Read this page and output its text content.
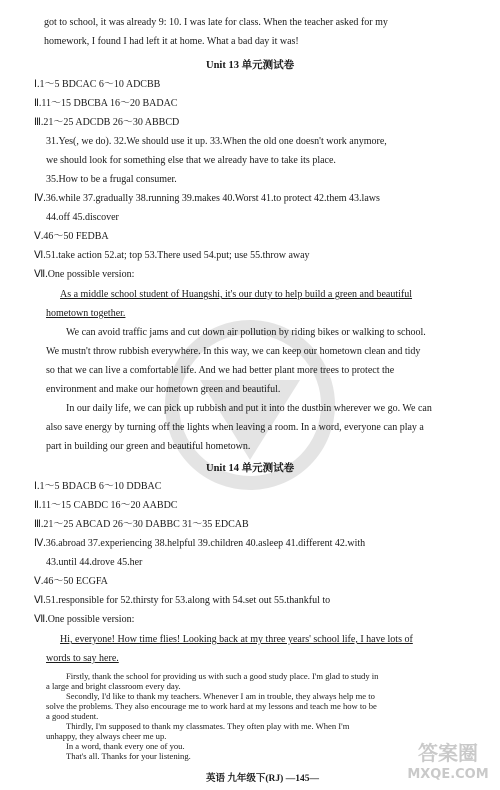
got to school, it was already 9: 10. I was late for class. When the teacher asked for my
homework, I found I had left it at home. What a bad day it was!
Unit 13 单元测试卷
Ⅰ.1～5 BDCAC 6～10 ADCBB
Ⅱ.11～15 DBCBA 16～20 BADAC
Ⅲ.21～25 ADCDB 26～30 ABBCD
31.Yes(, we do). 32.We should use it up. 33.When the old one doesn't work anymore,
we should look for something else that we already have to take its place.
35.How to be a frugal consumer.
Ⅳ.36.while 37.gradually 38.running 39.makes 40.Worst 41.to protect 42.them 43.laws
44.off 45.discover
Ⅴ.46～50 FEDBA
Ⅵ.51.take action 52.at; top 53.There used 54.put; use 55.throw away
Ⅶ.One possible version:
As a middle school student of Huangshi, it's our duty to help build a green and beautiful
hometown together.
We can avoid traffic jams and cut down air pollution by riding bikes or walking to school.
We mustn't throw rubbish everywhere. In this way, we can keep our hometown clean and tidy
so that we can live a comfortable life. And we had better plant more trees to protect the
environment and make our hometown green and beautiful.
In our daily life, we can pick up rubbish and put it into the dustbin wherever we go. We can
also save energy by turning off the lights when leaving a room. In a word, everyone can play a
part in building our green and beautiful hometown.
Unit 14 单元测试卷
Ⅰ.1～5 BDACB 6～10 DDBAC
Ⅱ.11～15 CABDC 16～20 AABDC
Ⅲ.21～25 ABCAD 26～30 DABBC 31～35 EDCAB
Ⅳ.36.abroad 37.experiencing 38.helpful 39.children 40.asleep 41.different 42.with
43.until 44.drove 45.her
Ⅴ.46～50 ECGFA
Ⅵ.51.responsible for 52.thirsty for 53.along with 54.set out 55.thankful to
Ⅶ.One possible version:
Hi, everyone! How time flies! Looking back at my three years' school life, I have lots of
words to say here.
英语 九年级下(RJ) —145—
答案圈
MXQE.COM
Firstly, thank the school for providing us with such a good study place. I'm glad to study in
a large and bright classroom every day.
Secondly, I'd like to thank my teachers. Whenever I am in trouble, they always help me to
solve the problems. They also encourage me to work hard at my lessons and teach me how to be
a good student.
Thirdly, I'm supposed to thank my classmates. They often play with me. When I'm
unhappy, they always cheer me up.
In a word, thank every one of you.
That's all. Thanks for your listening.
